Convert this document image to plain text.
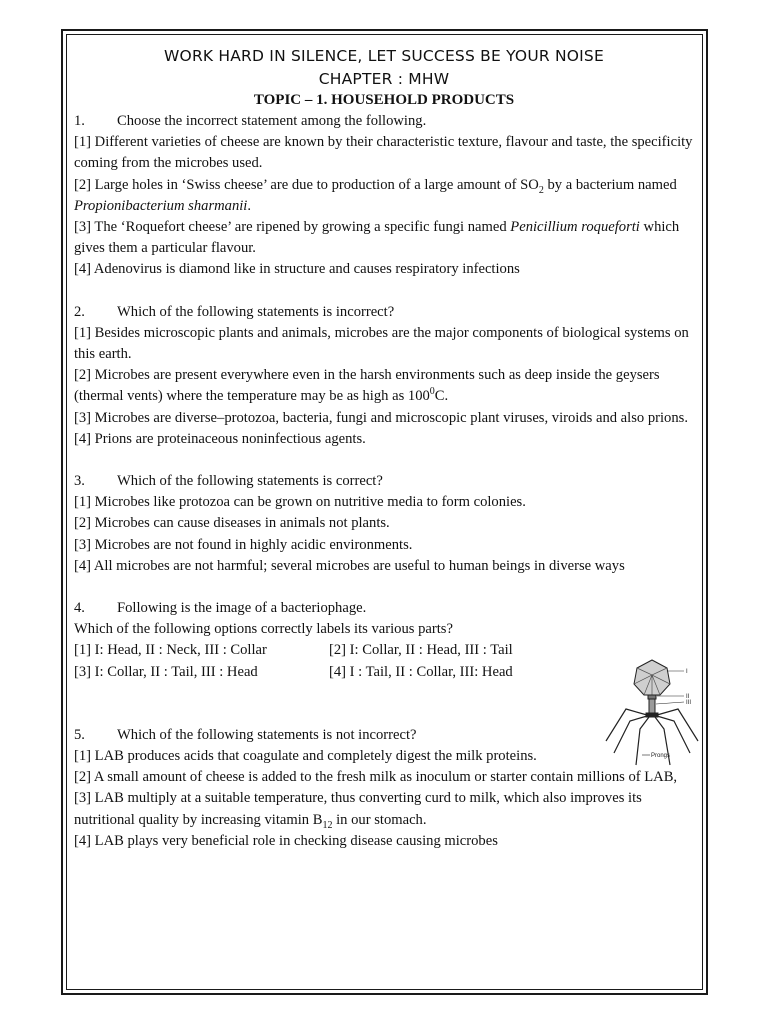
WORK HARD IN SILENCE, LET SUCCESS BE YOUR NOISE
CHAPTER : MHW
TOPIC – 1. HOUSEHOLD PRODUCTS
1.	Choose the incorrect statement among the following.
[1] Different varieties of cheese are known by their characteristic texture, flavour and taste, the specificity coming from the microbes used.
[2] Large holes in ‘Swiss cheese’ are due to production of a large amount of $SO_2$ by a bacterium named Propionibacterium sharmanii.
[3] The ‘Roquefort cheese’ are ripened by growing a specific fungi named Penicillium roqueforti which gives them a particular flavour.
[4] Adenovirus is diamond like in structure and causes respiratory infections
2.	Which of the following statements is incorrect?
[1] Besides microscopic plants and animals, microbes are the major components of biological systems on this earth.
[2] Microbes are present everywhere even in the harsh environments such as deep inside the geysers (thermal vents) where the temperature may be as high as $100^0C$.
[3] Microbes are diverse–protozoa, bacteria, fungi and microscopic plant viruses, viroids and also prions.
[4] Prions are proteinaceous noninfectious agents.
3.	Which of the following statements is correct?
[1] Microbes like protozoa can be grown on nutritive media to form colonies.
[2] Microbes can cause diseases in animals not plants.
[3] Microbes are not found in highly acidic environments.
[4] All microbes are not harmful; several microbes are useful to human beings in diverse ways
4.	Following is the image of a bacteriophage.
Which of the following options correctly labels its various parts?
[1] I: Head, II : Neck, III : Collar	[2] I: Collar, II : Head, III : Tail
[3] I: Collar, II : Tail, III : Head	[4] I : Tail, II : Collar, III: Head
5.	Which of the following statements is not incorrect?
[1] LAB produces acids that coagulate and completely digest the milk proteins.
[2] A small amount of cheese is added to the fresh milk as inoculum or starter contain millions of LAB,
[3] LAB multiply at a suitable temperature, thus converting curd to milk, which also improves its nutritional quality by increasing vitamin $B_{12}$ in our stomach.
[4] LAB plays very beneficial role in checking disease causing microbes
I
II
III
Prongs
